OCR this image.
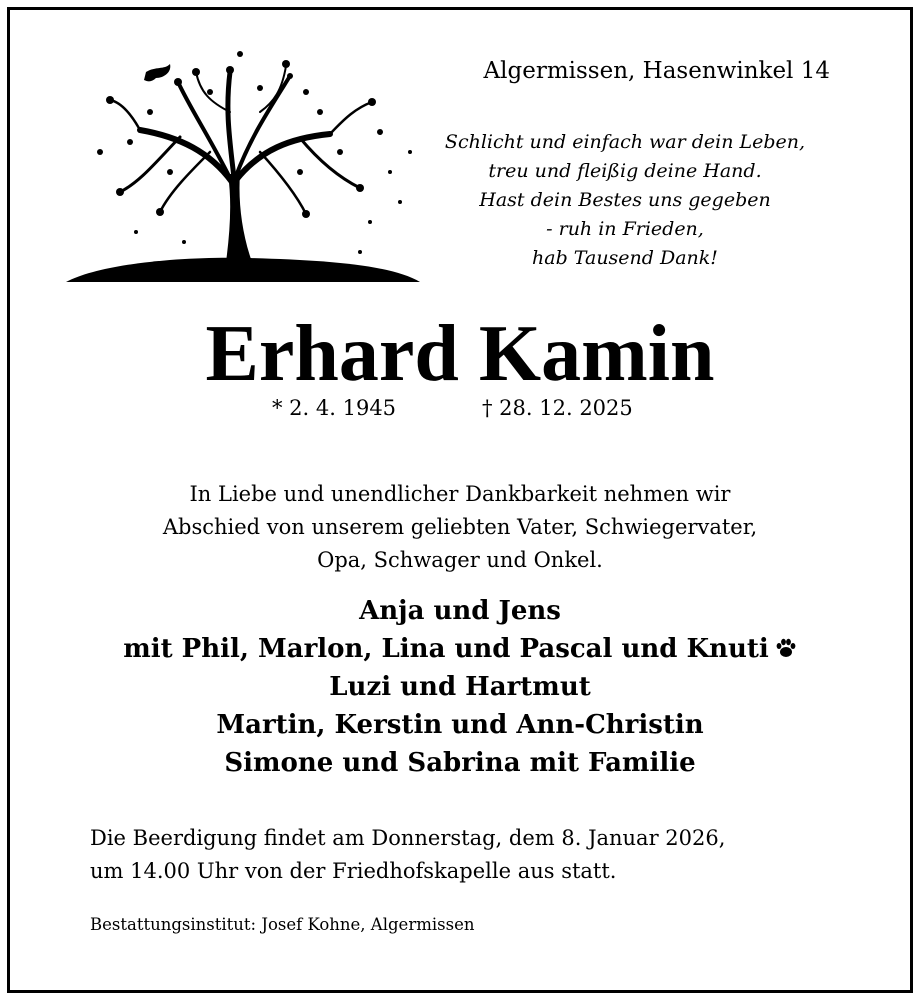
Algermissen, Hasenwinkel 14
Schlicht und einfach war dein Leben,
treu und fleißig deine Hand.
Hast dein Bestes uns gegeben
- ruh in Frieden,
hab Tausend Dank!
Erhard Kamin
* 2. 4. 1945	† 28. 12. 2025
In Liebe und unendlicher Dankbarkeit nehmen wir
Abschied von unserem geliebten Vater, Schwiegervater,
Opa, Schwager und Onkel.
Anja und Jens
mit Phil, Marlon, Lina und Pascal und Knuti
Luzi und Hartmut
Martin, Kerstin und Ann-Christin
Simone und Sabrina mit Familie
Die Beerdigung findet am Donnerstag, dem 8. Januar 2026,
um 14.00 Uhr von der Friedhofskapelle aus statt.
Bestattungsinstitut: Josef Kohne, Algermissen
